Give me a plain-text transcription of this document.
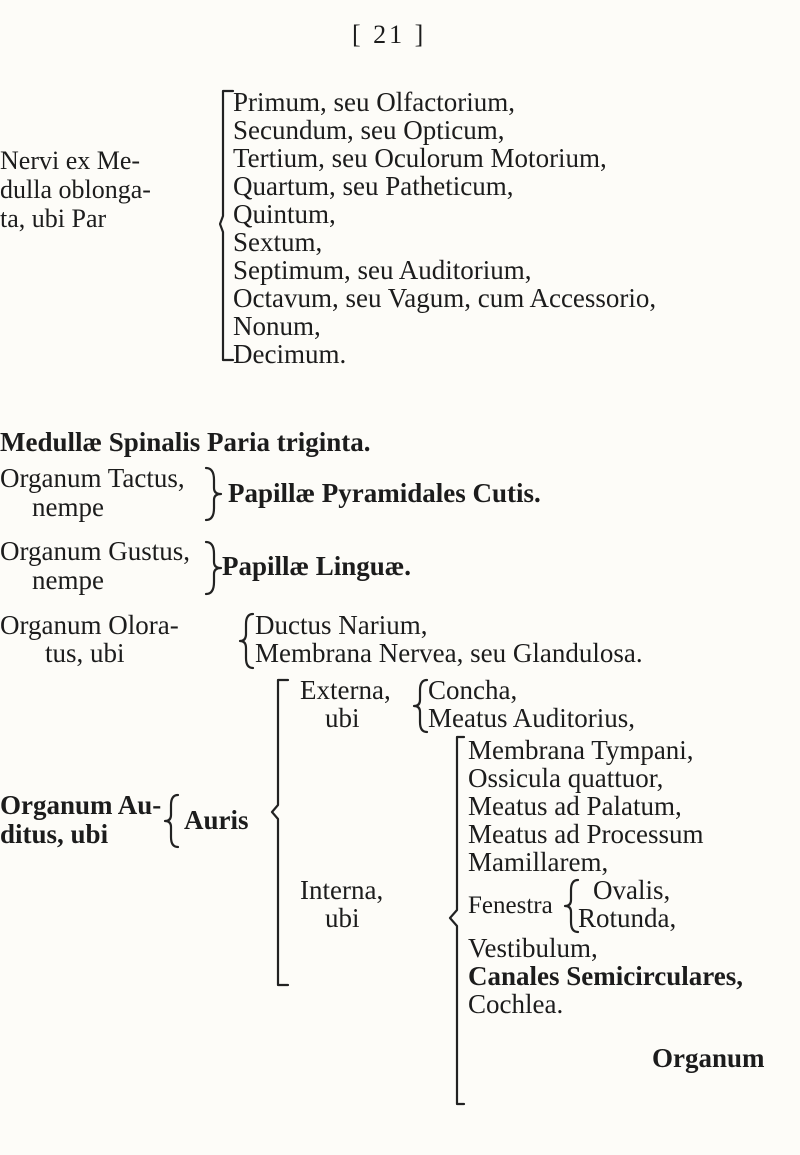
[ 21 ]
Nervi ex Me-
dulla oblonga-
ta, ubi Par
Primum, seu Olfactorium,
Secundum, seu Opticum,
Tertium, seu Oculorum Motorium,
Quartum, seu Patheticum,
Quintum,
Sextum,
Septimum, seu Auditorium,
Octavum, seu Vagum, cum Accessorio,
Nonum,
Decimum.
Medullæ Spinalis Paria triginta.
Organum Tactus,
nempe	Papillæ Pyramidales Cutis.
Organum Gustus,
nempe	Papillæ Linguæ.
Organum Olora-
tus, ubi
Ductus Narium,
Membrana Nervea, seu Glandulosa.
Organum Au-
ditus, ubi	Auris
Externa,
ubi
Concha,
Meatus Auditorius,
Interna,
ubi
Membrana Tympani,
Ossicula quattuor,
Meatus ad Palatum,
Meatus ad Processum
Mamillarem,
Fenestra
Ovalis,
Rotunda,
Vestibulum,
Canales Semicirculares,
Cochlea.
Organum
